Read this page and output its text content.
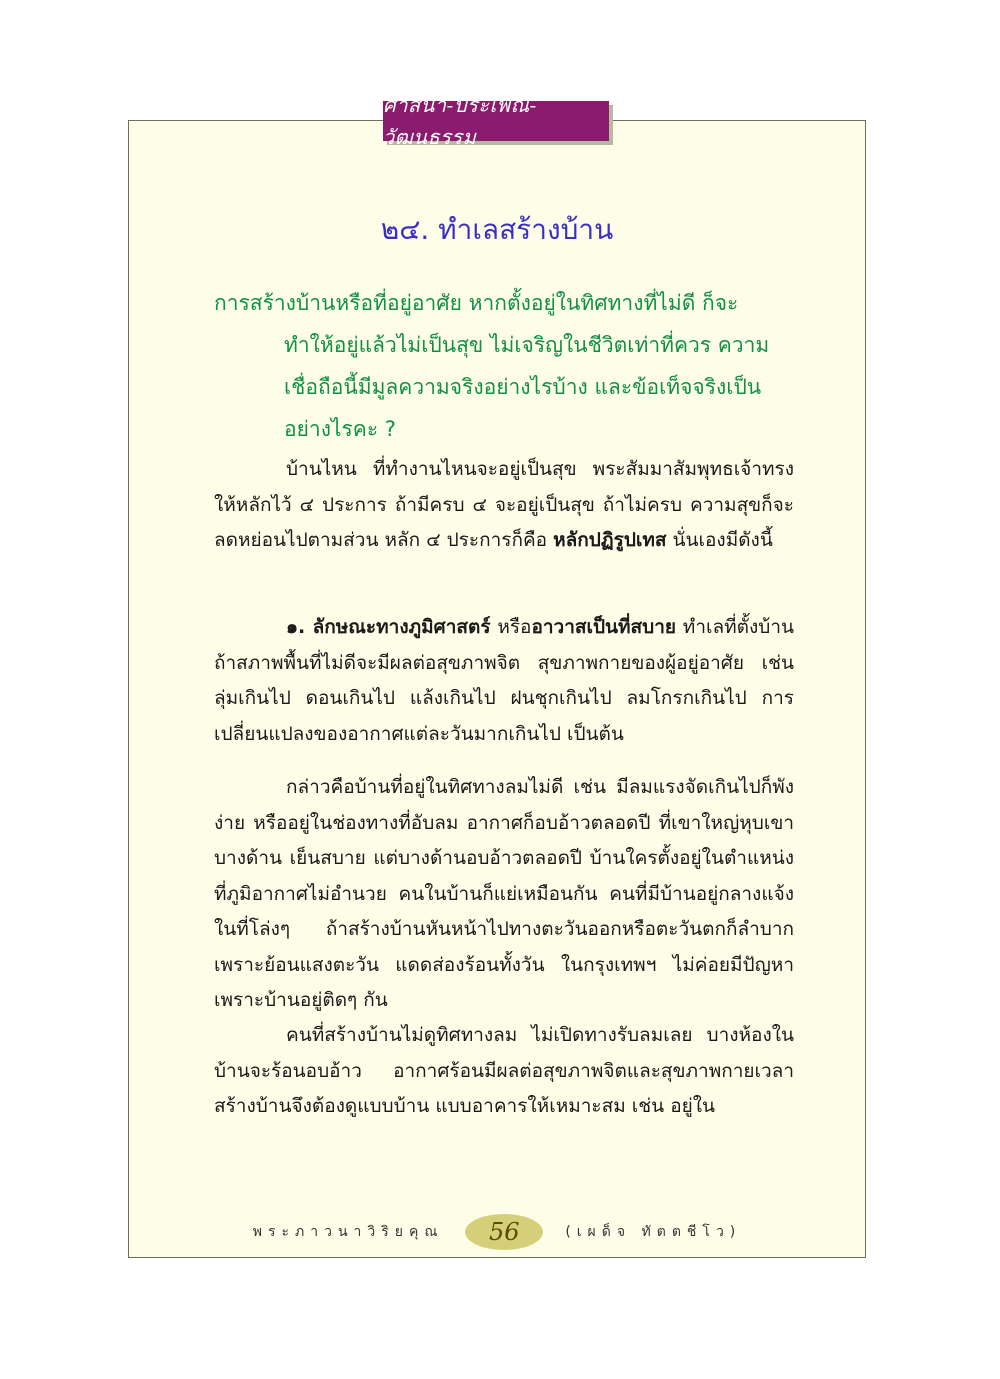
ศาสนา-ประเพณี-วัฒนธรรม
๒๔. ทำเลสร้างบ้าน
การสร้างบ้านหรือที่อยู่อาศัย หากตั้งอยู่ในทิศทางที่ไม่ดี ก็จะ
ทำให้อยู่แล้วไม่เป็นสุข ไม่เจริญในชีวิตเท่าที่ควร ความเชื่อถือนี้มีมูลความจริงอย่างไรบ้าง และข้อเท็จจริงเป็นอย่างไรคะ ?

บ้านไหน ที่ทำงานไหนจะอยู่เป็นสุข พระสัมมาสัมพุทธเจ้าทรงให้หลักไว้ ๔ ประการ ถ้ามีครบ ๔ จะอยู่เป็นสุข ถ้าไม่ครบ ความสุขก็จะลดหย่อนไปตามส่วน หลัก ๔ ประการก็คือ หลักปฏิรูปเทส นั่นเองมีดังนี้

๑. ลักษณะทางภูมิศาสตร์ หรืออาวาสเป็นที่สบาย ทำเลที่ตั้งบ้าน ถ้าสภาพพื้นที่ไม่ดีจะมีผลต่อสุขภาพจิต สุขภาพกายของผู้อยู่อาศัย เช่น ลุ่มเกินไป ดอนเกินไป แล้งเกินไป ฝนชุกเกินไป ลมโกรกเกินไป การเปลี่ยนแปลงของอากาศแต่ละวันมากเกินไป เป็นต้น

กล่าวคือบ้านที่อยู่ในทิศทางลมไม่ดี เช่น มีลมแรงจัดเกินไปก็พังง่าย หรืออยู่ในช่องทางที่อับลม อากาศก็อบอ้าวตลอดปี ที่เขาใหญ่หุบเขาบางด้าน เย็นสบาย แต่บางด้านอบอ้าวตลอดปี บ้านใครตั้งอยู่ในตำแหน่งที่ภูมิอากาศไม่อำนวย คนในบ้านก็แย่เหมือนกัน คนที่มีบ้านอยู่กลางแจ้ง ในที่โล่งๆ ถ้าสร้างบ้านหันหน้าไปทางตะวันออกหรือตะวันตกก็ลำบาก เพราะย้อนแสงตะวัน แดดส่องร้อนทั้งวัน ในกรุงเทพฯ ไม่ค่อยมีปัญหา เพราะบ้านอยู่ติดๆ กัน

คนที่สร้างบ้านไม่ดูทิศทางลม ไม่เปิดทางรับลมเลย บางห้องในบ้านจะร้อนอบอ้าว อากาศร้อนมีผลต่อสุขภาพจิตและสุขภาพกายเวลาสร้างบ้านจึงต้องดูแบบบ้าน แบบอาคารให้เหมาะสม เช่น อยู่ใน

พระภาวนาวิริยคุณ	56	(เผด็จ ทัตตชีโว)
